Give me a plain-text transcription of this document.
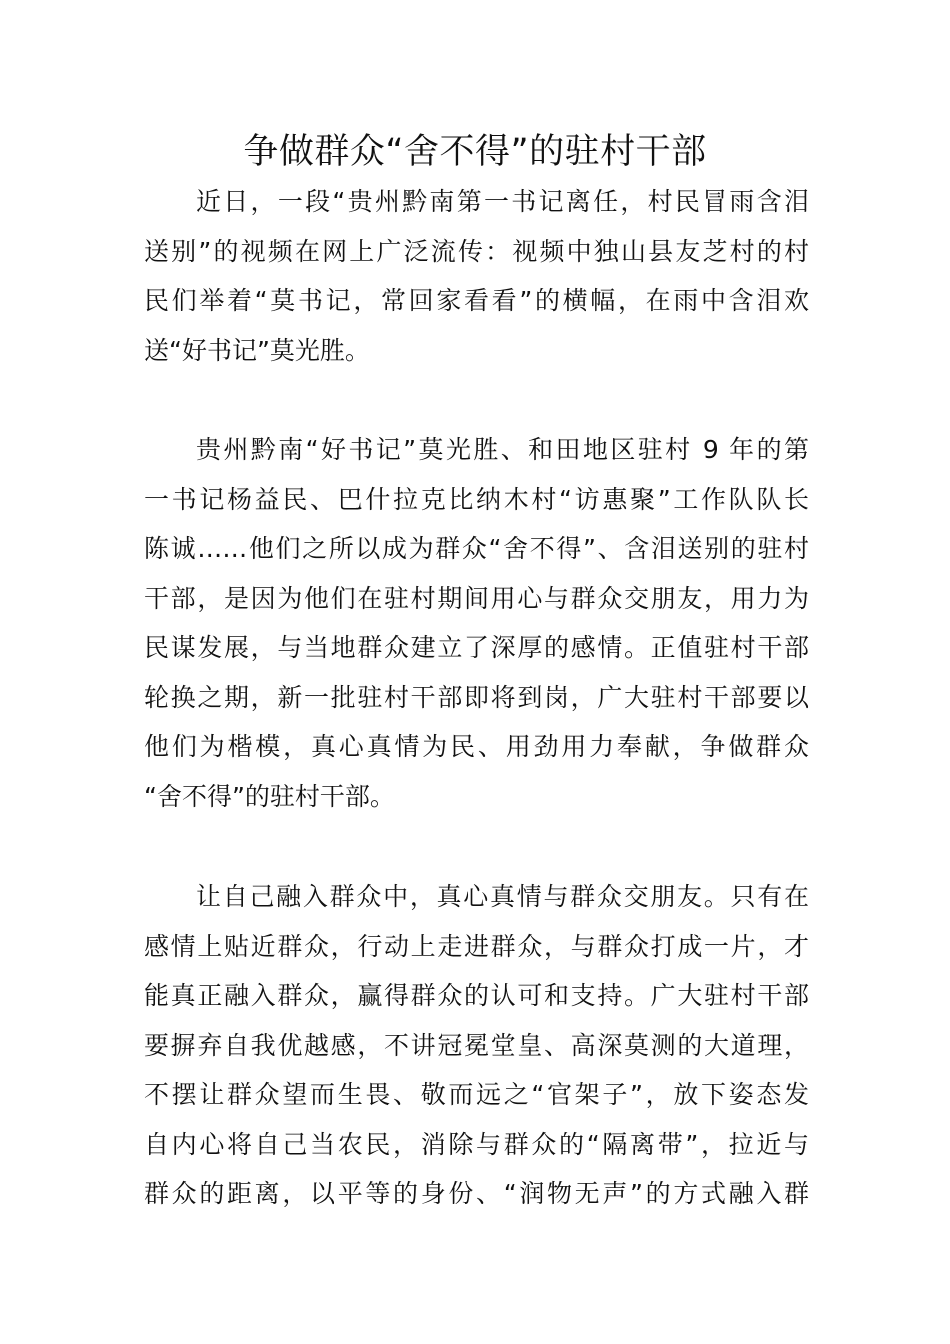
争做群众“舍不得”的驻村干部
近日，一段“贵州黔南第一书记离任，村民冒雨含泪
送别”的视频在网上广泛流传：视频中独山县友芝村的村
民们举着“莫书记，常回家看看”的横幅，在雨中含泪欢
送“好书记”莫光胜。
贵州黔南“好书记”莫光胜、和田地区驻村 9 年的第
一书记杨益民、巴什拉克比纳木村“访惠聚”工作队队长
陈诚……他们之所以成为群众“舍不得”、含泪送别的驻村
干部，是因为他们在驻村期间用心与群众交朋友，用力为
民谋发展，与当地群众建立了深厚的感情。正值驻村干部
轮换之期，新一批驻村干部即将到岗，广大驻村干部要以
他们为楷模，真心真情为民、用劲用力奉献，争做群众
“舍不得”的驻村干部。
让自己融入群众中，真心真情与群众交朋友。只有在
感情上贴近群众，行动上走进群众，与群众打成一片，才
能真正融入群众，赢得群众的认可和支持。广大驻村干部
要摒弃自我优越感，不讲冠冕堂皇、高深莫测的大道理，
不摆让群众望而生畏、敬而远之“官架子”，放下姿态发
自内心将自己当农民，消除与群众的“隔离带”，拉近与
群众的距离，以平等的身份、“润物无声”的方式融入群
